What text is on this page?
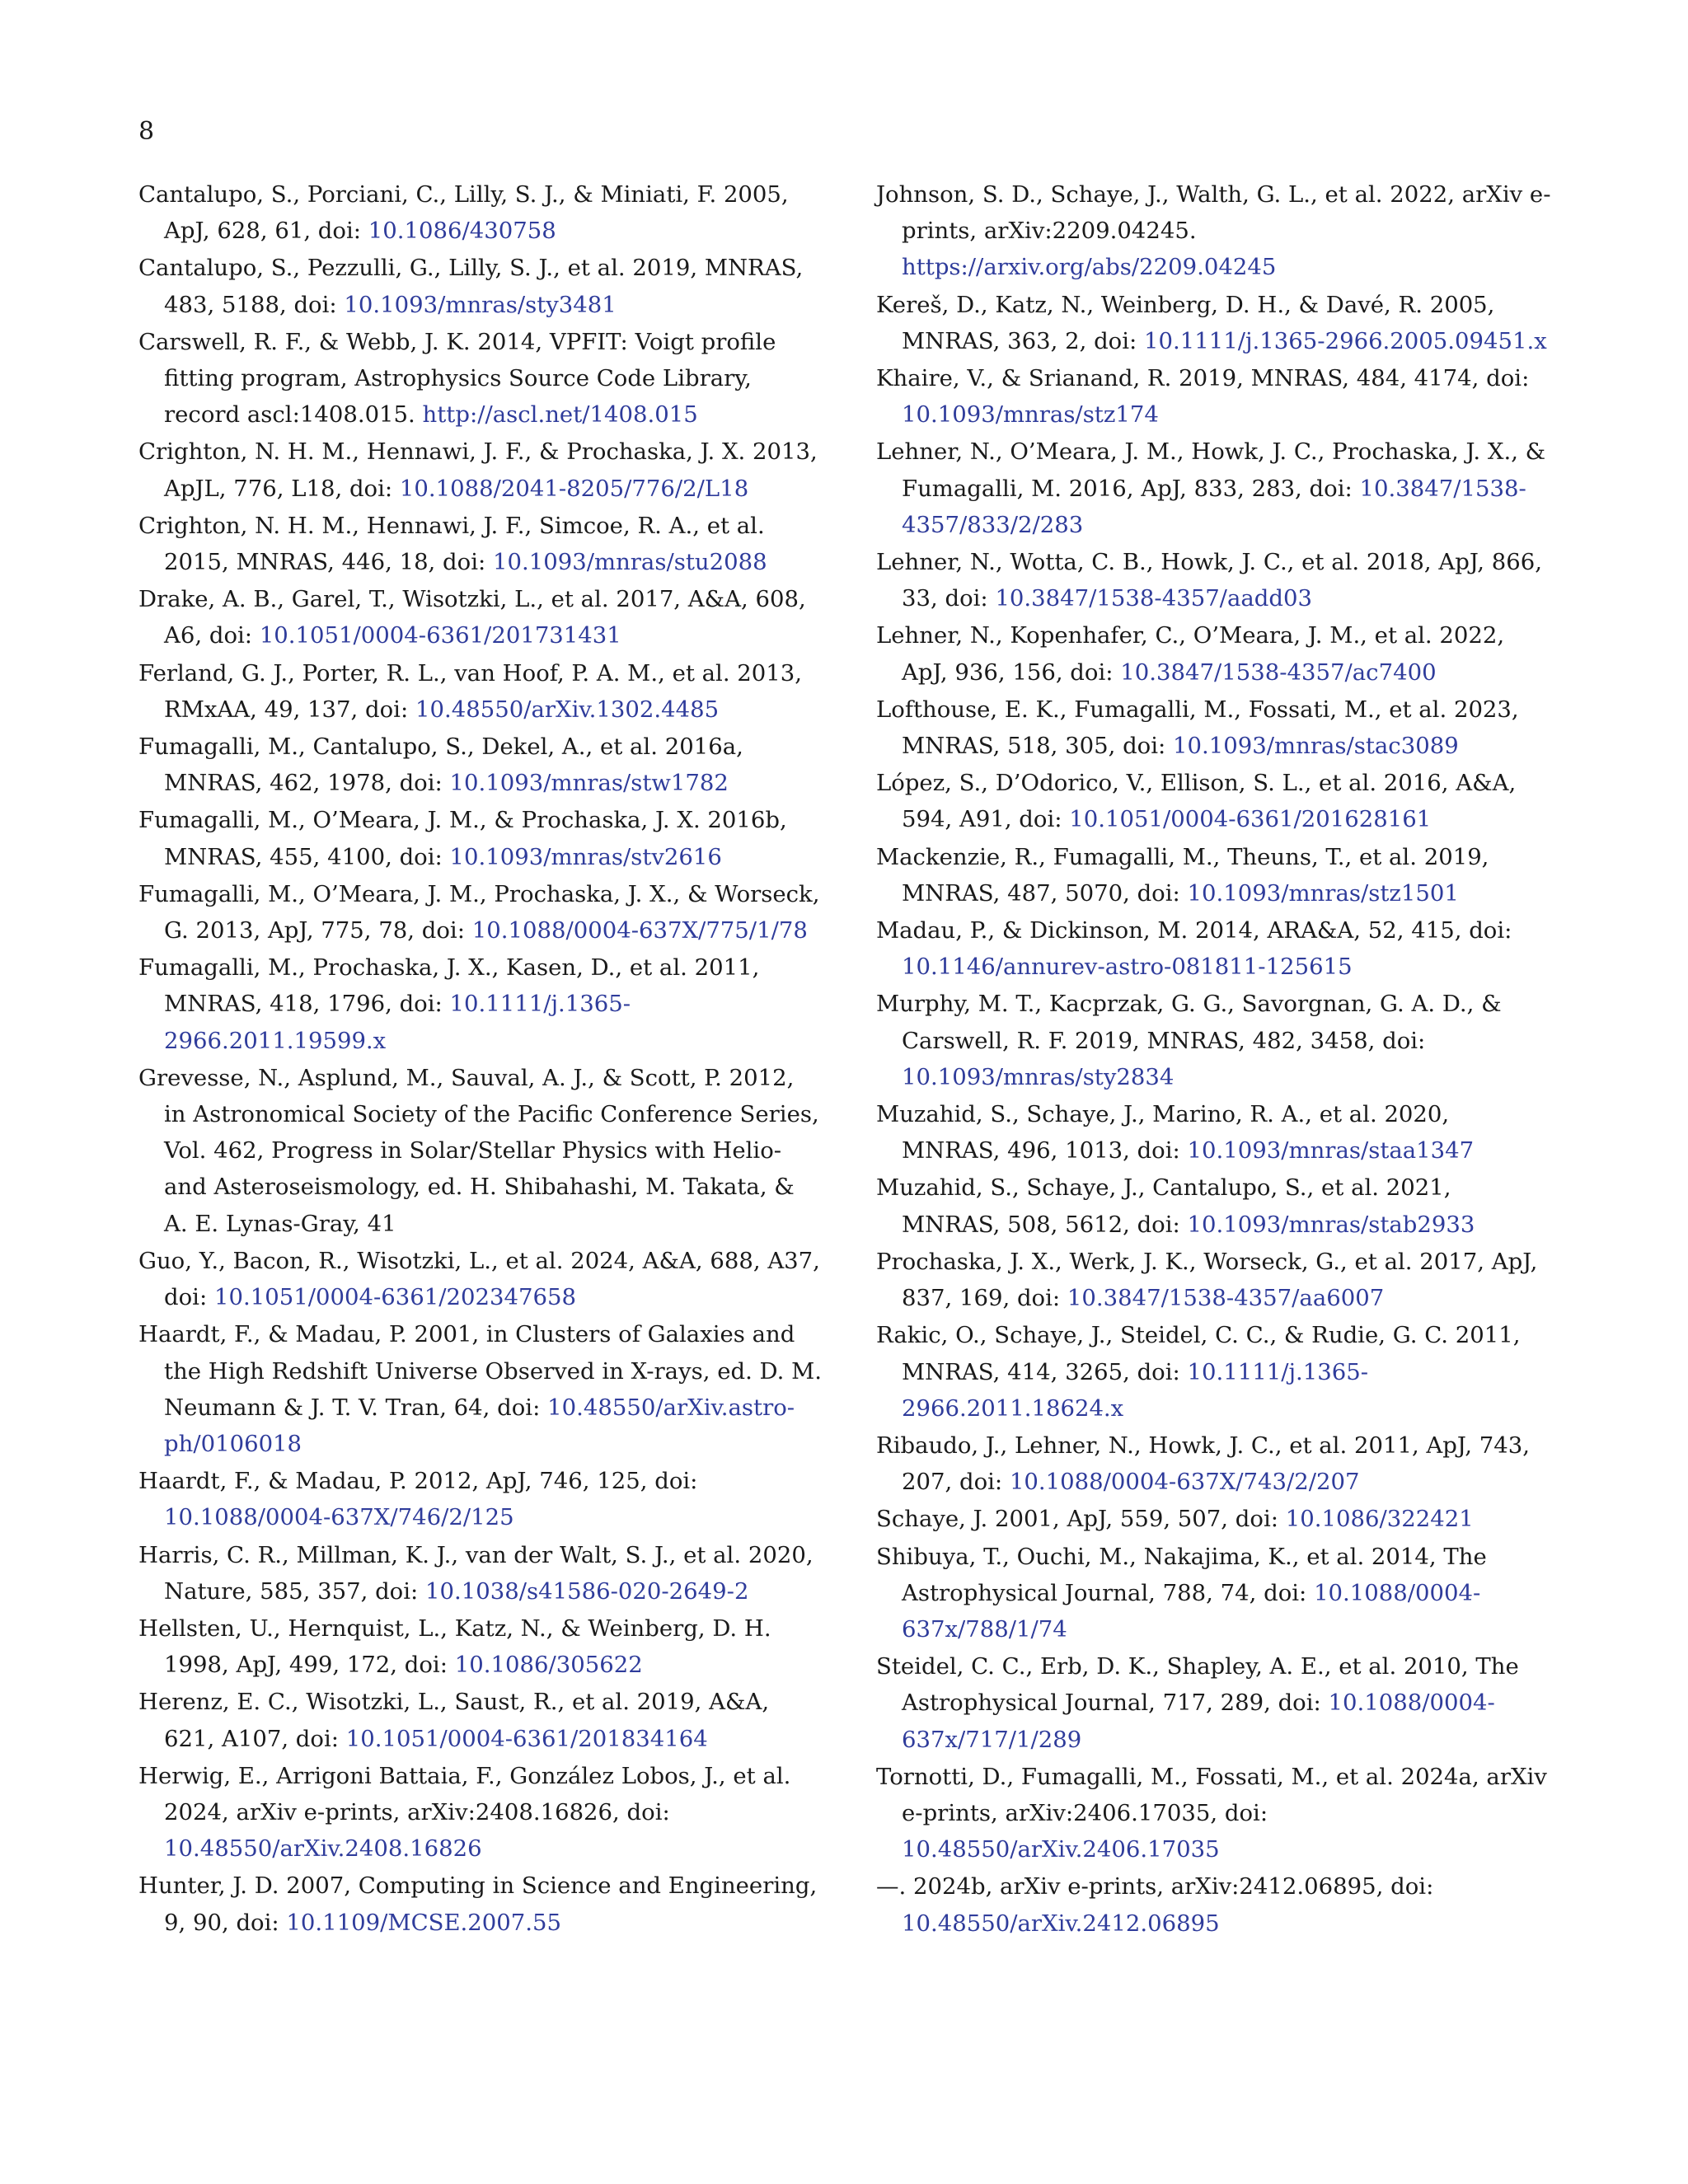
8
Cantalupo, S., Porciani, C., Lilly, S. J., & Miniati, F. 2005, ApJ, 628, 61, doi: 10.1086/430758
Cantalupo, S., Pezzulli, G., Lilly, S. J., et al. 2019, MNRAS, 483, 5188, doi: 10.1093/mnras/sty3481
Carswell, R. F., & Webb, J. K. 2014, VPFIT: Voigt profile fitting program, Astrophysics Source Code Library, record ascl:1408.015. http://ascl.net/1408.015
Crighton, N. H. M., Hennawi, J. F., & Prochaska, J. X. 2013, ApJL, 776, L18, doi: 10.1088/2041-8205/776/2/L18
Crighton, N. H. M., Hennawi, J. F., Simcoe, R. A., et al. 2015, MNRAS, 446, 18, doi: 10.1093/mnras/stu2088
Drake, A. B., Garel, T., Wisotzki, L., et al. 2017, A&A, 608, A6, doi: 10.1051/0004-6361/201731431
Ferland, G. J., Porter, R. L., van Hoof, P. A. M., et al. 2013, RMxAA, 49, 137, doi: 10.48550/arXiv.1302.4485
Fumagalli, M., Cantalupo, S., Dekel, A., et al. 2016a, MNRAS, 462, 1978, doi: 10.1093/mnras/stw1782
Fumagalli, M., O’Meara, J. M., & Prochaska, J. X. 2016b, MNRAS, 455, 4100, doi: 10.1093/mnras/stv2616
Fumagalli, M., O’Meara, J. M., Prochaska, J. X., & Worseck, G. 2013, ApJ, 775, 78, doi: 10.1088/0004-637X/775/1/78
Fumagalli, M., Prochaska, J. X., Kasen, D., et al. 2011, MNRAS, 418, 1796, doi: 10.1111/j.1365-2966.2011.19599.x
Grevesse, N., Asplund, M., Sauval, A. J., & Scott, P. 2012, in Astronomical Society of the Pacific Conference Series, Vol. 462, Progress in Solar/Stellar Physics with Helio- and Asteroseismology, ed. H. Shibahashi, M. Takata, & A. E. Lynas-Gray, 41
Guo, Y., Bacon, R., Wisotzki, L., et al. 2024, A&A, 688, A37, doi: 10.1051/0004-6361/202347658
Haardt, F., & Madau, P. 2001, in Clusters of Galaxies and the High Redshift Universe Observed in X-rays, ed. D. M. Neumann & J. T. V. Tran, 64, doi: 10.48550/arXiv.astro-ph/0106018
Haardt, F., & Madau, P. 2012, ApJ, 746, 125, doi: 10.1088/0004-637X/746/2/125
Harris, C. R., Millman, K. J., van der Walt, S. J., et al. 2020, Nature, 585, 357, doi: 10.1038/s41586-020-2649-2
Hellsten, U., Hernquist, L., Katz, N., & Weinberg, D. H. 1998, ApJ, 499, 172, doi: 10.1086/305622
Herenz, E. C., Wisotzki, L., Saust, R., et al. 2019, A&A, 621, A107, doi: 10.1051/0004-6361/201834164
Herwig, E., Arrigoni Battaia, F., González Lobos, J., et al. 2024, arXiv e-prints, arXiv:2408.16826, doi: 10.48550/arXiv.2408.16826
Hunter, J. D. 2007, Computing in Science and Engineering, 9, 90, doi: 10.1109/MCSE.2007.55
Johnson, S. D., Schaye, J., Walth, G. L., et al. 2022, arXiv e-prints, arXiv:2209.04245. https://arxiv.org/abs/2209.04245
Kereš, D., Katz, N., Weinberg, D. H., & Davé, R. 2005, MNRAS, 363, 2, doi: 10.1111/j.1365-2966.2005.09451.x
Khaire, V., & Srianand, R. 2019, MNRAS, 484, 4174, doi: 10.1093/mnras/stz174
Lehner, N., O’Meara, J. M., Howk, J. C., Prochaska, J. X., & Fumagalli, M. 2016, ApJ, 833, 283, doi: 10.3847/1538-4357/833/2/283
Lehner, N., Wotta, C. B., Howk, J. C., et al. 2018, ApJ, 866, 33, doi: 10.3847/1538-4357/aadd03
Lehner, N., Kopenhafer, C., O’Meara, J. M., et al. 2022, ApJ, 936, 156, doi: 10.3847/1538-4357/ac7400
Lofthouse, E. K., Fumagalli, M., Fossati, M., et al. 2023, MNRAS, 518, 305, doi: 10.1093/mnras/stac3089
López, S., D’Odorico, V., Ellison, S. L., et al. 2016, A&A, 594, A91, doi: 10.1051/0004-6361/201628161
Mackenzie, R., Fumagalli, M., Theuns, T., et al. 2019, MNRAS, 487, 5070, doi: 10.1093/mnras/stz1501
Madau, P., & Dickinson, M. 2014, ARA&A, 52, 415, doi: 10.1146/annurev-astro-081811-125615
Murphy, M. T., Kacprzak, G. G., Savorgnan, G. A. D., & Carswell, R. F. 2019, MNRAS, 482, 3458, doi: 10.1093/mnras/sty2834
Muzahid, S., Schaye, J., Marino, R. A., et al. 2020, MNRAS, 496, 1013, doi: 10.1093/mnras/staa1347
Muzahid, S., Schaye, J., Cantalupo, S., et al. 2021, MNRAS, 508, 5612, doi: 10.1093/mnras/stab2933
Prochaska, J. X., Werk, J. K., Worseck, G., et al. 2017, ApJ, 837, 169, doi: 10.3847/1538-4357/aa6007
Rakic, O., Schaye, J., Steidel, C. C., & Rudie, G. C. 2011, MNRAS, 414, 3265, doi: 10.1111/j.1365-2966.2011.18624.x
Ribaudo, J., Lehner, N., Howk, J. C., et al. 2011, ApJ, 743, 207, doi: 10.1088/0004-637X/743/2/207
Schaye, J. 2001, ApJ, 559, 507, doi: 10.1086/322421
Shibuya, T., Ouchi, M., Nakajima, K., et al. 2014, The Astrophysical Journal, 788, 74, doi: 10.1088/0004-637x/788/1/74
Steidel, C. C., Erb, D. K., Shapley, A. E., et al. 2010, The Astrophysical Journal, 717, 289, doi: 10.1088/0004-637x/717/1/289
Tornotti, D., Fumagalli, M., Fossati, M., et al. 2024a, arXiv e-prints, arXiv:2406.17035, doi: 10.48550/arXiv.2406.17035
—. 2024b, arXiv e-prints, arXiv:2412.06895, doi: 10.48550/arXiv.2412.06895
